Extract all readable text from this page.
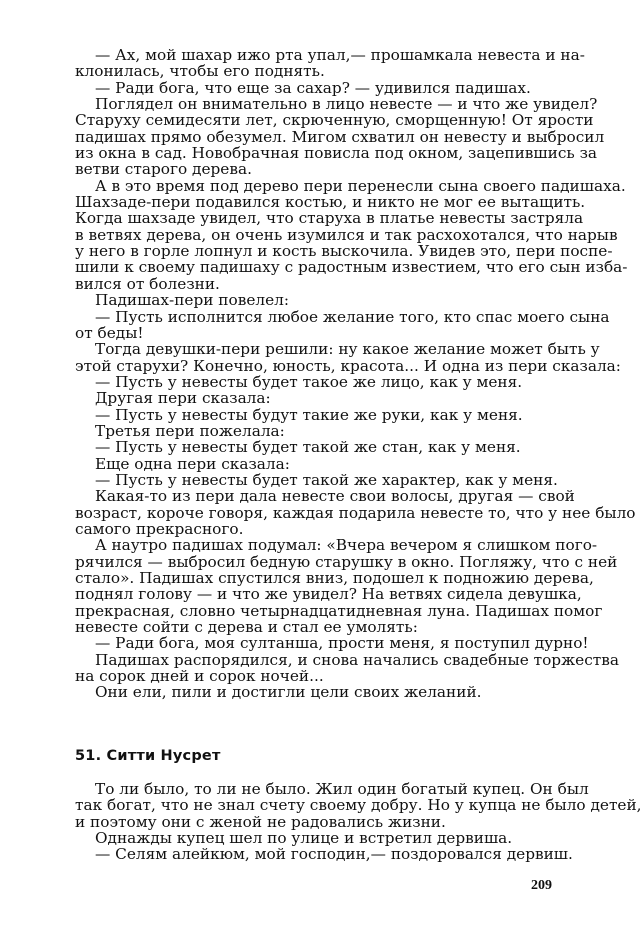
— Ах, мой шахар ижо рта упал,— прошамкала невеста и на-
клонилась, чтобы его поднять.
— Ради бога, что еще за сахар? — удивился падишах.
Поглядел он внимательно в лицо невесте — и что же увидел?
Старуху семидесяти лет, скрюченную, сморщенную! От ярости
падишах прямо обезумел. Мигом схватил он невесту и выбросил
из окна в сад. Новобрачная повисла под окном, зацепившись за
ветви старого дерева.
А в это время под дерево пери перенесли сына своего падишаха.
Шахзаде-пери подавился костью, и никто не мог ее вытащить.
Когда шахзаде увидел, что старуха в платье невесты застряла
в ветвях дерева, он очень изумился и так расхохотался, что нарыв
у него в горле лопнул и кость выскочила. Увидев это, пери поспе-
шили к своему падишаху с радостным известием, что его сын изба-
вился от болезни.
Падишах-пери повелел:
— Пусть исполнится любое желание того, кто спас моего сына
от беды!
Тогда девушки-пери решили: ну какое желание может быть у
этой старухи? Конечно, юность, красота... И одна из пери сказала:
— Пусть у невесты будет такое же лицо, как у меня.
Другая пери сказала:
— Пусть у невесты будут такие же руки, как у меня.
Третья пери пожелала:
— Пусть у невесты будет такой же стан, как у меня.
Еще одна пери сказала:
— Пусть у невесты будет такой же характер, как у меня.
Какая-то из пери дала невесте свои волосы, другая — свой
возраст, короче говоря, каждая подарила невесте то, что у нее было
самого прекрасного.
А наутро падишах подумал: «Вчера вечером я слишком пого-
рячился — выбросил бедную старушку в окно. Погляжу, что с ней
стало». Падишах спустился вниз, подошел к подножию дерева,
поднял голову — и что же увидел? На ветвях сидела девушка,
прекрасная, словно четырнадцатидневная луна. Падишах помог
невесте сойти с дерева и стал ее умолять:
— Ради бога, моя султанша, прости меня, я поступил дурно!
Падишах распорядился, и снова начались свадебные торжества
на сорок дней и сорок ночей...
Они ели, пили и достигли цели своих желаний.
51. Ситти Нусрет
То ли было, то ли не было. Жил один богатый купец. Он был
так богат, что не знал счету своему добру. Но у купца не было детей,
и поэтому они с женой не радовались жизни.
Однажды купец шел по улице и встретил дервиша.
— Селям алейкюм, мой господин,— поздоровался дервиш.
209
